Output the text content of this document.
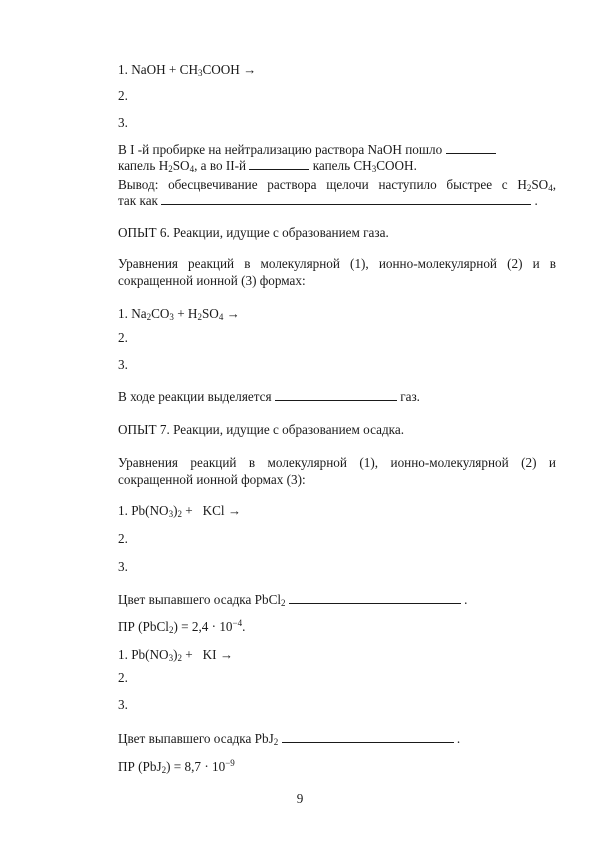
1. NaOH + $CH_3COOH$ →
2.
3.
В I -й пробирке на нейтрализацию раствора NaOH пошло
капель $H_2SO_4$, а во II-й	капель $CH_3COOH$.
Вывод: обесцвечивание раствора щелочи наступило быстрее с $H_2SO_4$,
так как	.
ОПЫТ 6. Реакции, идущие с образованием газа.
Уравнения реакций в молекулярной (1), ионно-молекулярной (2) и в
сокращенной ионной (3) формах:
1. $Na_2CO_3 + H_2SO_4$ →
2.
3.
В ходе реакции выделяется	газ.
ОПЫТ 7. Реакции, идущие с образованием осадка.
Уравнения реакций в молекулярной (1), ионно-молекулярной (2) и
сокращенной ионной формах (3):
1. $Pb(NO_3)_2$ +   KCl →
2.
3.
Цвет выпавшего осадка PbCl$_2$	.
ПР (PbCl$_2$) = $2,4 \cdot 10^{-4}$.
1. $Pb(NO_3)_2$ +   KI →
2.
3.
Цвет выпавшего осадка PbJ$_2$	.
ПР $(PbJ_2) = 8,7 \cdot 10^{-9}$
9
